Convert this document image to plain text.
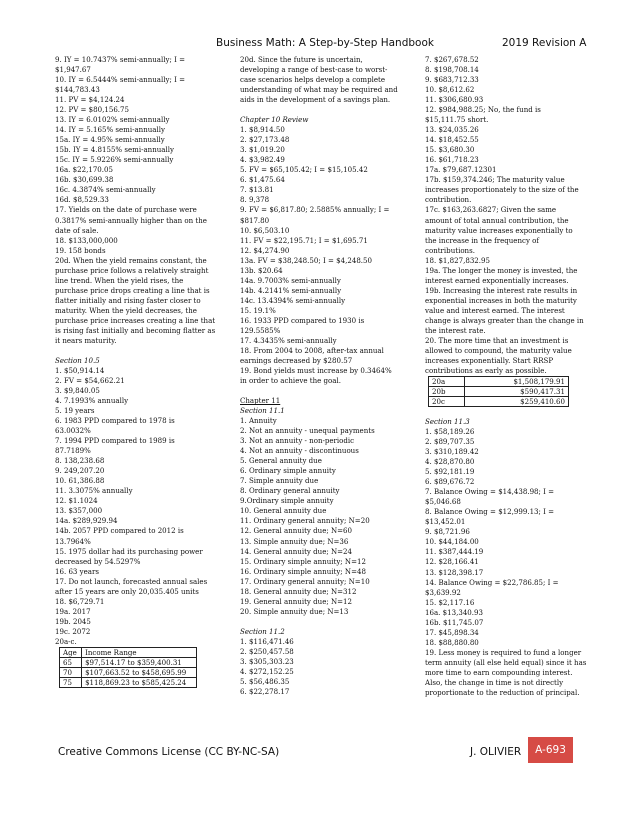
Business Math: A Step-by-Step Handbook	2019 Revision A
9. IY = 10.7437% semi-annually; I =
$1,947.67
10. IY = 6.5444% semi-annually; I =
$144,783.43
11. PV = $4,124.24
12. PV = $80,156.75
13. IY = 6.0102% semi-annually
14. IY = 5.165% semi-annually
15a. IY = 4.95% semi-annually
15b. IY = 4.8155% semi-annually
15c. IY = 5.9226% semi-annually
16a. $22,170.05
16b. $30,699.38
16c. 4.3874% semi-annually
16d. $8,529.33
17. Yields on the date of purchase were
0.3817% semi-annually higher than on the
date of sale.
18. $133,000,000
19. 158 bonds
20d. When the yield remains constant, the
purchase price follows a relatively straight
line trend. When the yield rises, the
purchase price drops creating a line that is
flatter initially and rising faster closer to
maturity. When the yield decreases, the
purchase price increases creating a line that
is rising fast initially and becoming flatter as
it nears maturity.
Section 10.5
1. $50,914.14
2. FV = $54,662.21
3. $9,840.05
4. 7.1993% annually
5. 19 years
6. 1983 PPD compared to 1978 is
63.0032%
7. 1994 PPD compared to 1989 is
87.7189%
8. 138,238.68
9. 249,207.20
10. 61,386.88
11. 3.3075% annually
12. $1.1024
13. $357,000
14a. $289,929.94
14b. 2057 PPD compared to 2012 is
13.7964%
15. 1975 dollar had its purchasing power
decreased by 54.5297%
16. 63 years
17. Do not launch, forecasted annual sales
after 15 years are only 20,035.405 units
18. $6,729.71
19a. 2017
19b. 2045
19c. 2072
20a-c.
Age	Income Range
65	$97,514.17 to $359,400.31
70	$107,663.52 to $458,695.99
75	$118,869.23 to $585,425.24
20d. Since the future is uncertain,
developing a range of best-case to worst-
case scenarios helps develop a complete
understanding of what may be required and
aids in the development of a savings plan.
Chapter 10 Review
1. $8,914.50
2. $27,173.48
3. $1,019.20
4. $3,982.49
5. FV = $65,105.42; I = $15,105.42
6. $1,475.64
7. $13.81
8. 9,378
9. FV = $6,817.80; 2.5885% annually; I =
$817.80
10. $6,503.10
11. FV = $22,195.71; I = $1,695.71
12. $4,274.90
13a. FV = $38,248.50; I = $4,248.50
13b. $20.64
14a. 9.7003% semi-annually
14b. 4.2141% semi-annually
14c. 13.4394% semi-annually
15. 19.1%
16. 1933 PPD compared to 1930 is
129.5585%
17. 4.3435% semi-annually
18. From 2004 to 2008, after-tax annual
earnings decreased by $280.57
19. Bond yields must increase by 0.3464%
in order to achieve the goal.
Chapter 11
Section 11.1
1. Annuity
2. Not an annuity - unequal payments
3. Not an annuity - non-periodic
4. Not an annuity - discontinuous
5. General annuity due
6. Ordinary simple annuity
7. Simple annuity due
8. Ordinary general annuity
9.Ordinary simple annuity
10. General annuity due
11. Ordinary general annuity; N=20
12. General annuity due; N=60
13. Simple annuity due; N=36
14. General annuity due; N=24
15. Ordinary simple annuity; N=12
16. Ordinary simple annuity; N=48
17. Ordinary general annuity; N=10
18. General annuity due; N=312
19. General annuity due; N=12
20. Simple annuity due; N=13
Section 11.2
1. $116,471.46
2. $250,457.58
3. $305,303.23
4. $272,152.25
5. $56,486.35
6. $22,278.17
7. $267,678.52
8. $198,708.14
9. $683,712.33
10. $8,612.62
11. $306,680.93
12. $984,988.25; No, the fund is
$15,111.75 short.
13. $24,035.26
14. $18,452.55
15. $3,680.30
16. $61,718.23
17a. $79,687.12301
17b. $159,374.246; The maturity value
increases proportionately to the size of the
contribution.
17c. $163,263.6827; Given the same
amount of total annual contribution, the
maturity value increases exponentially to
the increase in the frequency of
contributions.
18. $1,827,832.95
19a. The longer the money is invested, the
interest earned exponentially increases.
19b. Increasing the interest rate results in
exponential increases in both the maturity
value and interest earned. The interest
change is always greater than the change in
the interest rate.
20. The more time that an investment is
allowed to compound, the maturity value
increases exponentially. Start RRSP
contributions as early as possible.
20a	$1,508,179.91
20b	$590,417.31
20c	$259,410.60
Section 11.3
1. $58,189.26
2. $89,707.35
3. $310,189.42
4. $28,870.80
5. $92,181.19
6. $89,676.72
7. Balance Owing = $14,438.98; I =
$5,046.68
8. Balance Owing = $12,999.13; I =
$13,452.01
9. $8,721.96
10. $44,184.00
11. $387,444.19
12. $28,166.41
13. $128,398.17
14. Balance Owing = $22,786.85; I =
$3,639.92
15. $2,117.16
16a. $13,340.93
16b. $11,745.07
17. $45,898.34
18. $88,880.80
19. Less money is required to fund a longer
term annuity (all else held equal) since it has
more time to earn compounding interest.
Also, the change in time is not directly
proportionate to the reduction of principal.
Creative Commons License (CC BY-NC-SA)	J. OLIVIER	A-693
